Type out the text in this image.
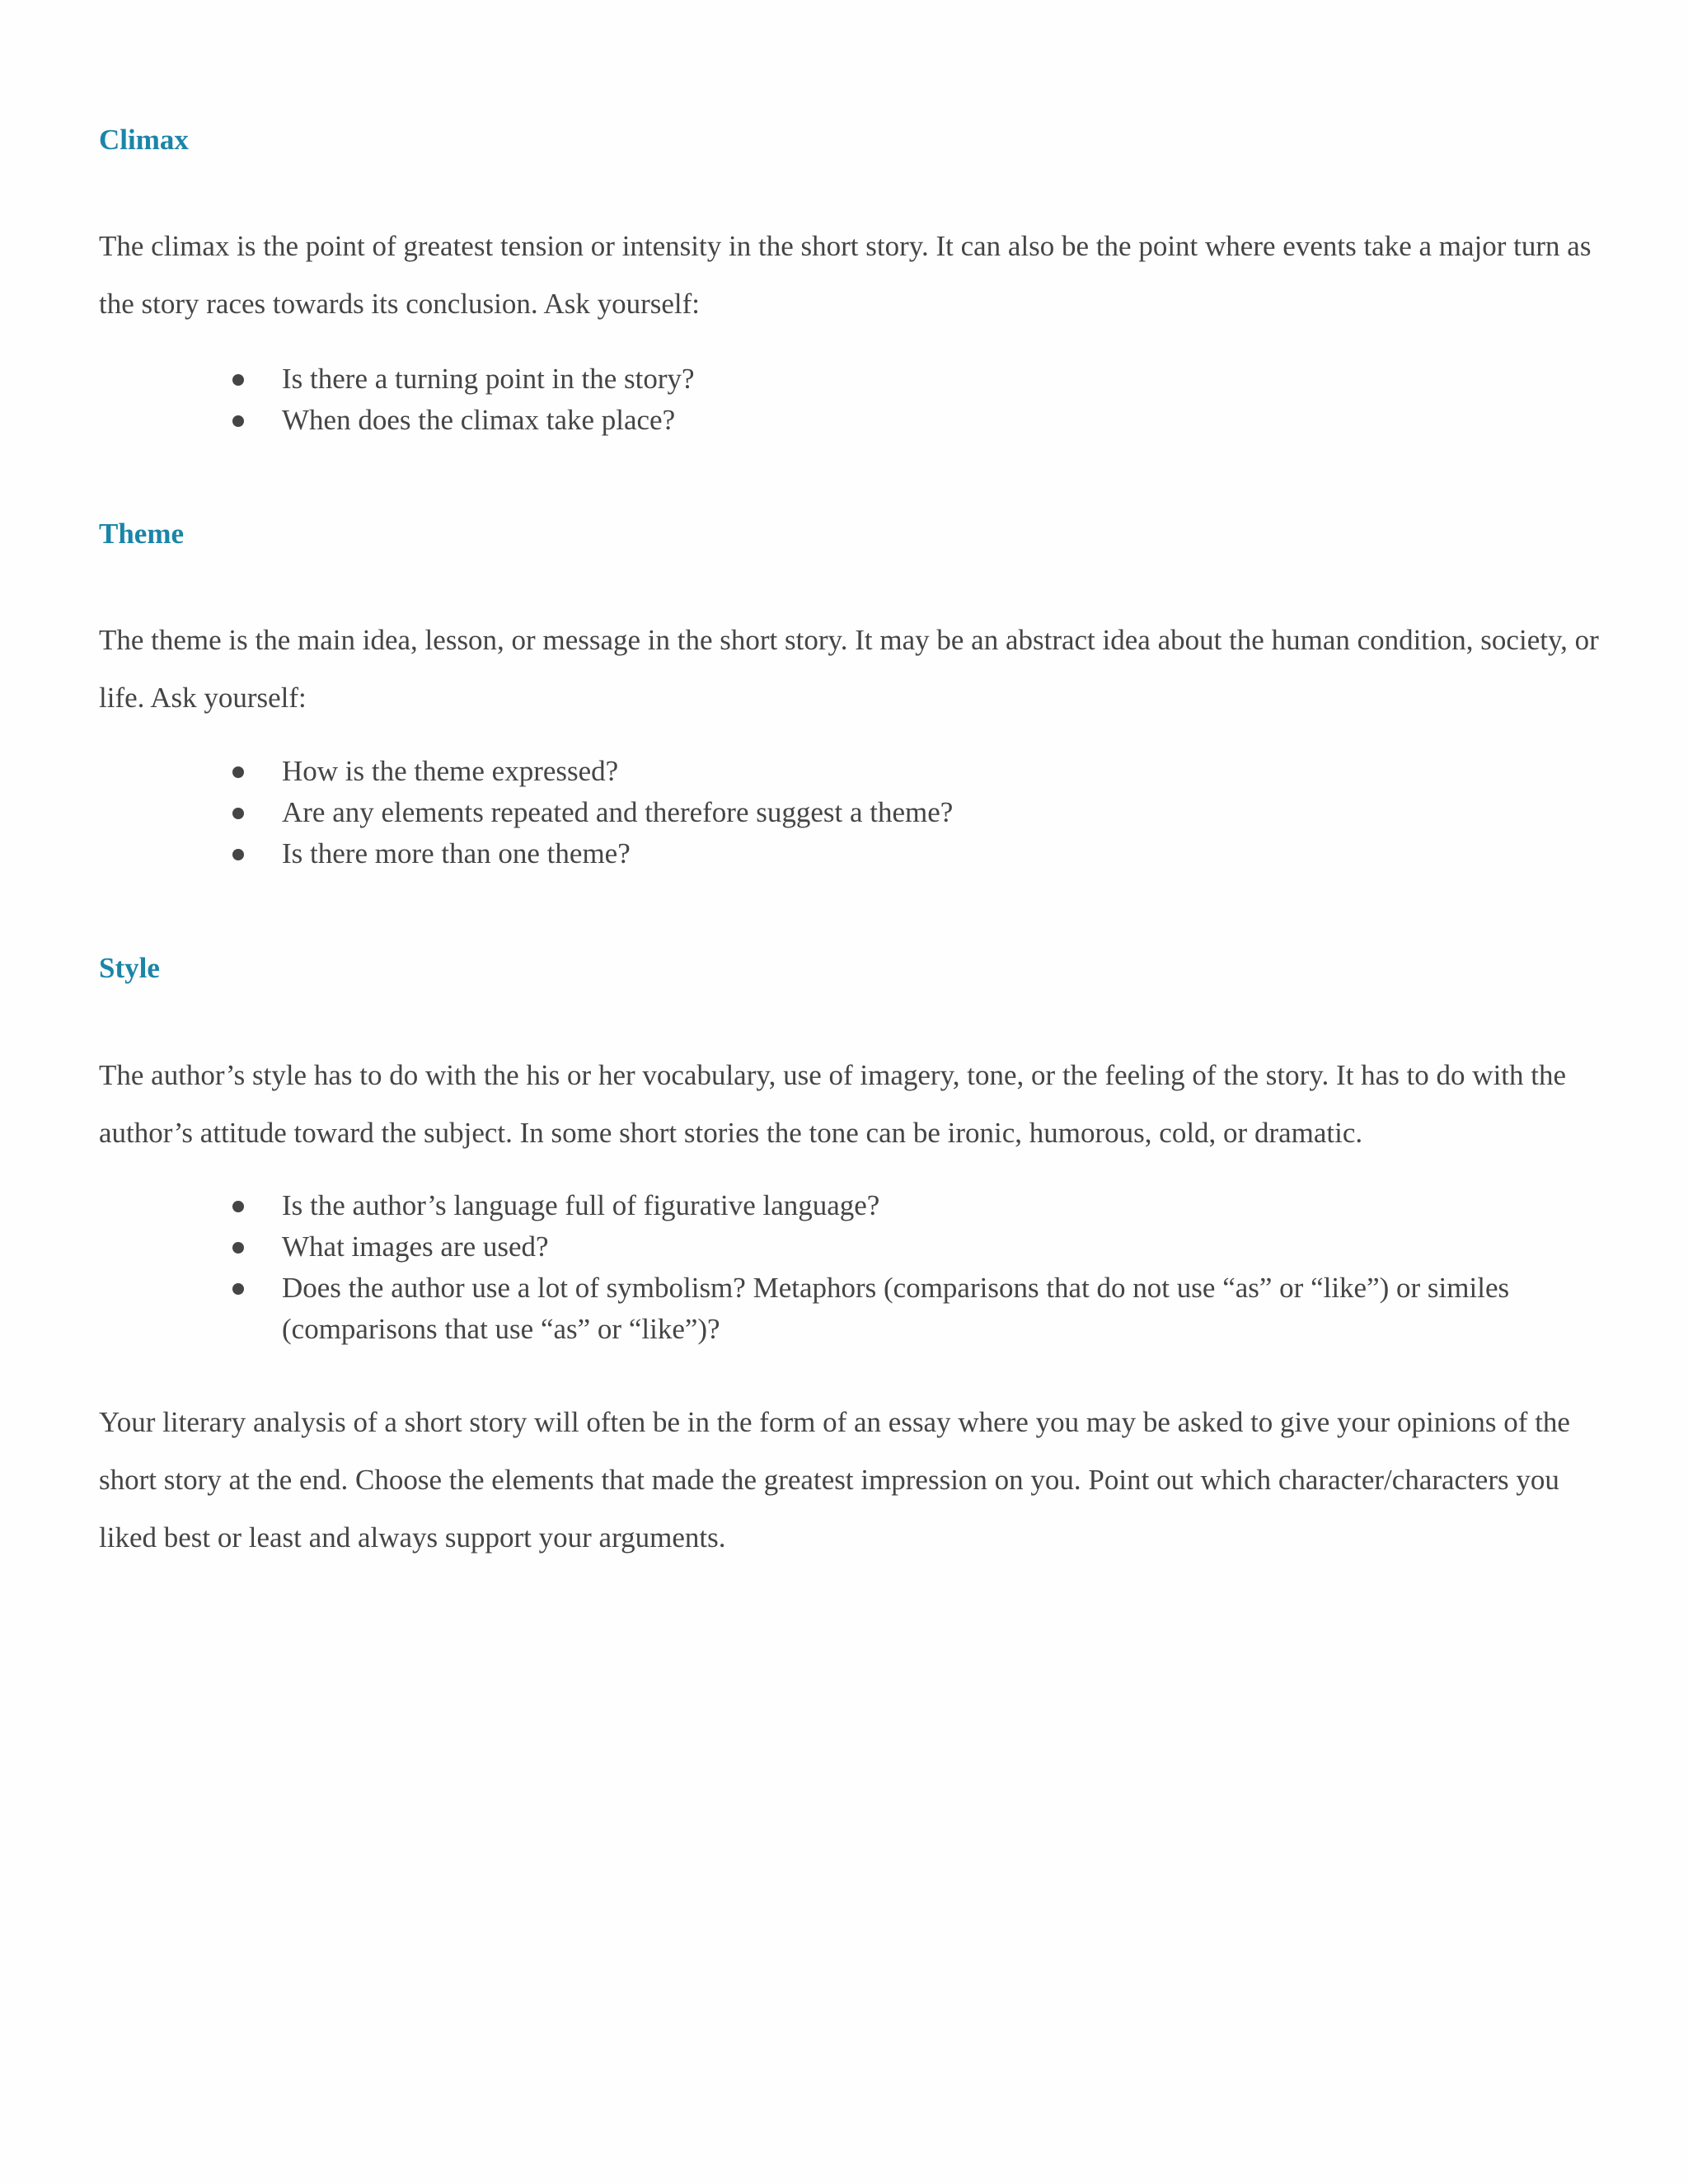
Climax

The climax is the point of greatest tension or intensity in the short story. It can also be the point where events take a major turn as the story races towards its conclusion. Ask yourself:

Is there a turning point in the story?
When does the climax take place?
Theme

The theme is the main idea, lesson, or message in the short story. It may be an abstract idea about the human condition, society, or life. Ask yourself:

How is the theme expressed?
Are any elements repeated and therefore suggest a theme?
Is there more than one theme?
Style

The author’s style has to do with the his or her vocabulary, use of imagery, tone, or the feeling of the story. It has to do with the author’s attitude toward the subject. In some short stories the tone can be ironic, humorous, cold, or dramatic.

Is the author’s language full of figurative language?
What images are used?
Does the author use a lot of symbolism? Metaphors (comparisons that do not use “as” or “like”) or similes (comparisons that use “as” or “like”)?

Your literary analysis of a short story will often be in the form of an essay where you may be asked to give your opinions of the short story at the end. Choose the elements that made the greatest impression on you. Point out which character/characters you liked best or least and always support your arguments.
